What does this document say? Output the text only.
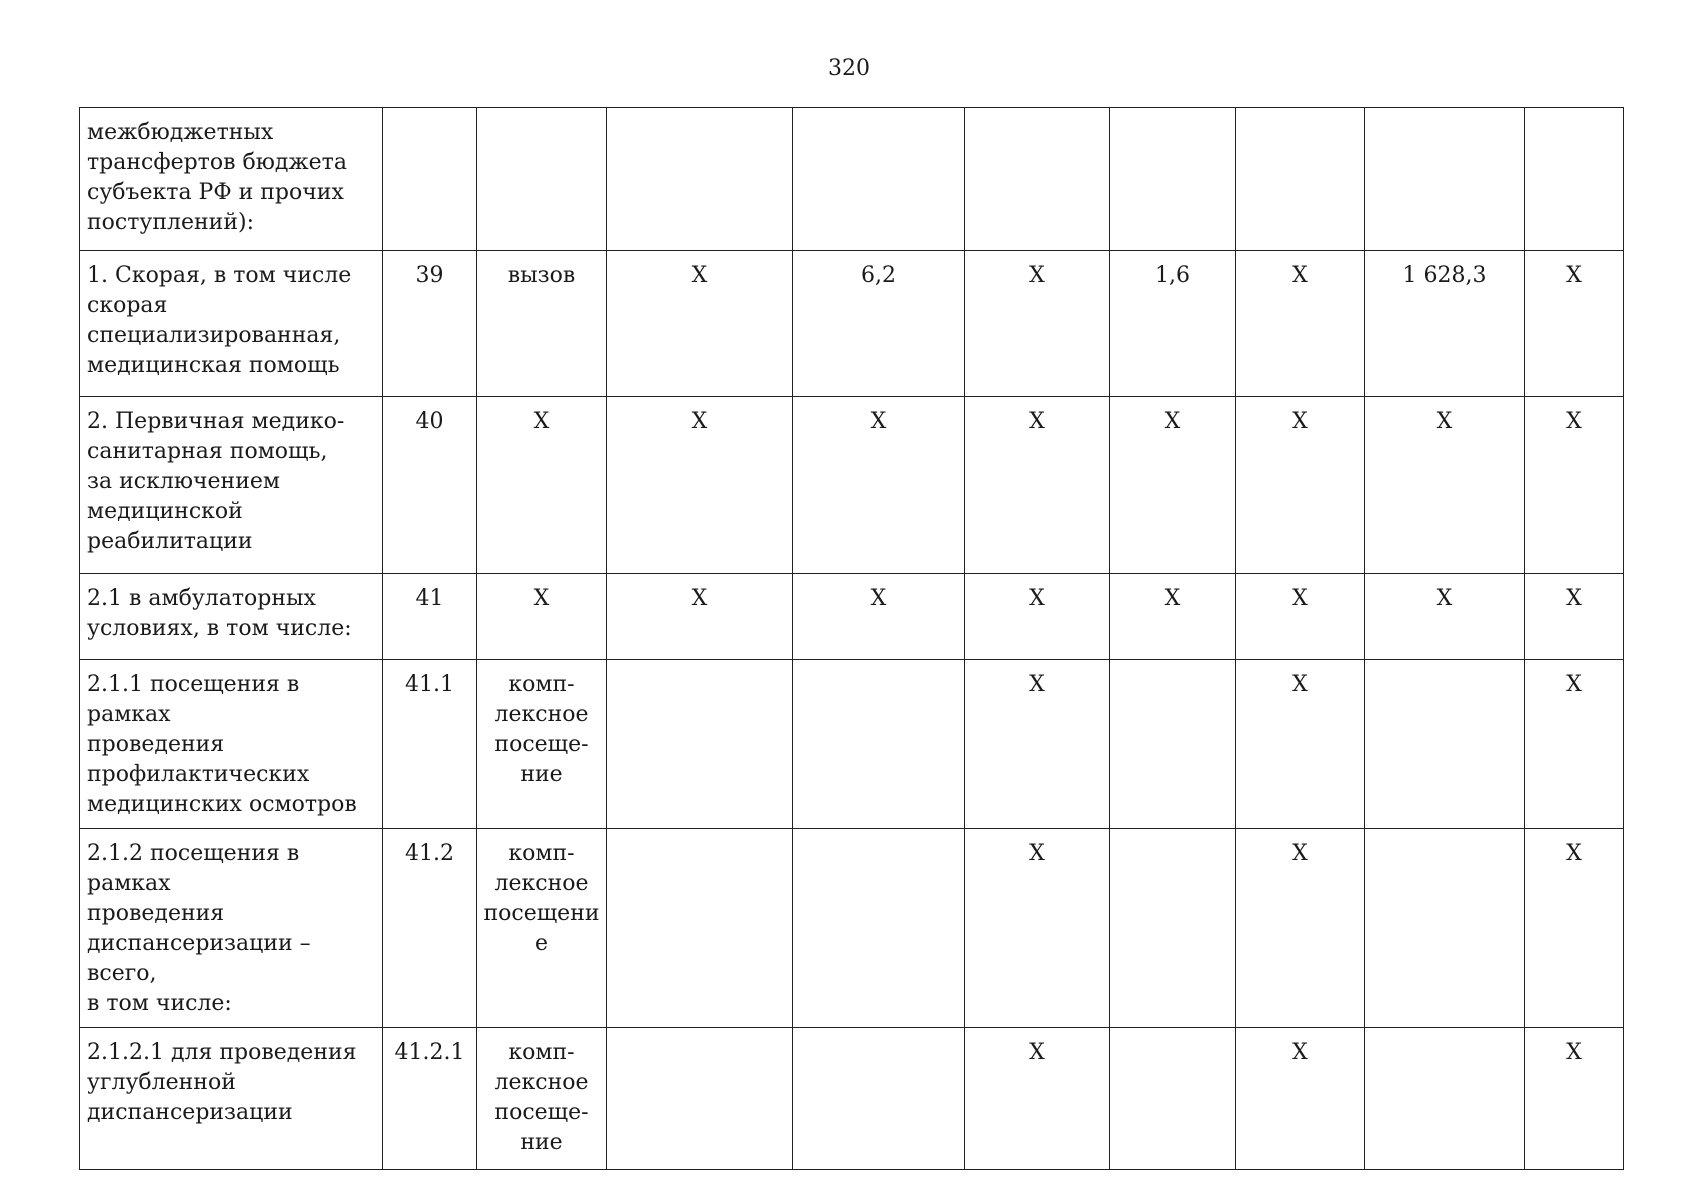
320
межбюджетных
трансфертов бюджета
субъекта РФ и прочих
поступлений):									

1. Скорая, в том числе
скорая
специализированная,
медицинская помощь	39	вызов	X	6,2	X	1,6	X	1 628,3	X

2. Первичная медико-
санитарная помощь,
за исключением
медицинской
реабилитации	40	X	X	X	X	X	X	X	X

2.1 в амбулаторных
условиях, в том числе:	41	X	X	X	X	X	X	X	X

2.1.1 посещения в рамках
проведения
профилактических
медицинских осмотров	41.1	комп-
лексное
посеще-
ние			X		X		X

2.1.2 посещения в рамках
проведения
диспансеризации – всего,
в том числе:	41.2	комп-
лексное
посещени
е			X		X		X

2.1.2.1 для проведения
углубленной
диспансеризации	41.2.1	комп-
лексное
посеще-
ние			X		X		X
